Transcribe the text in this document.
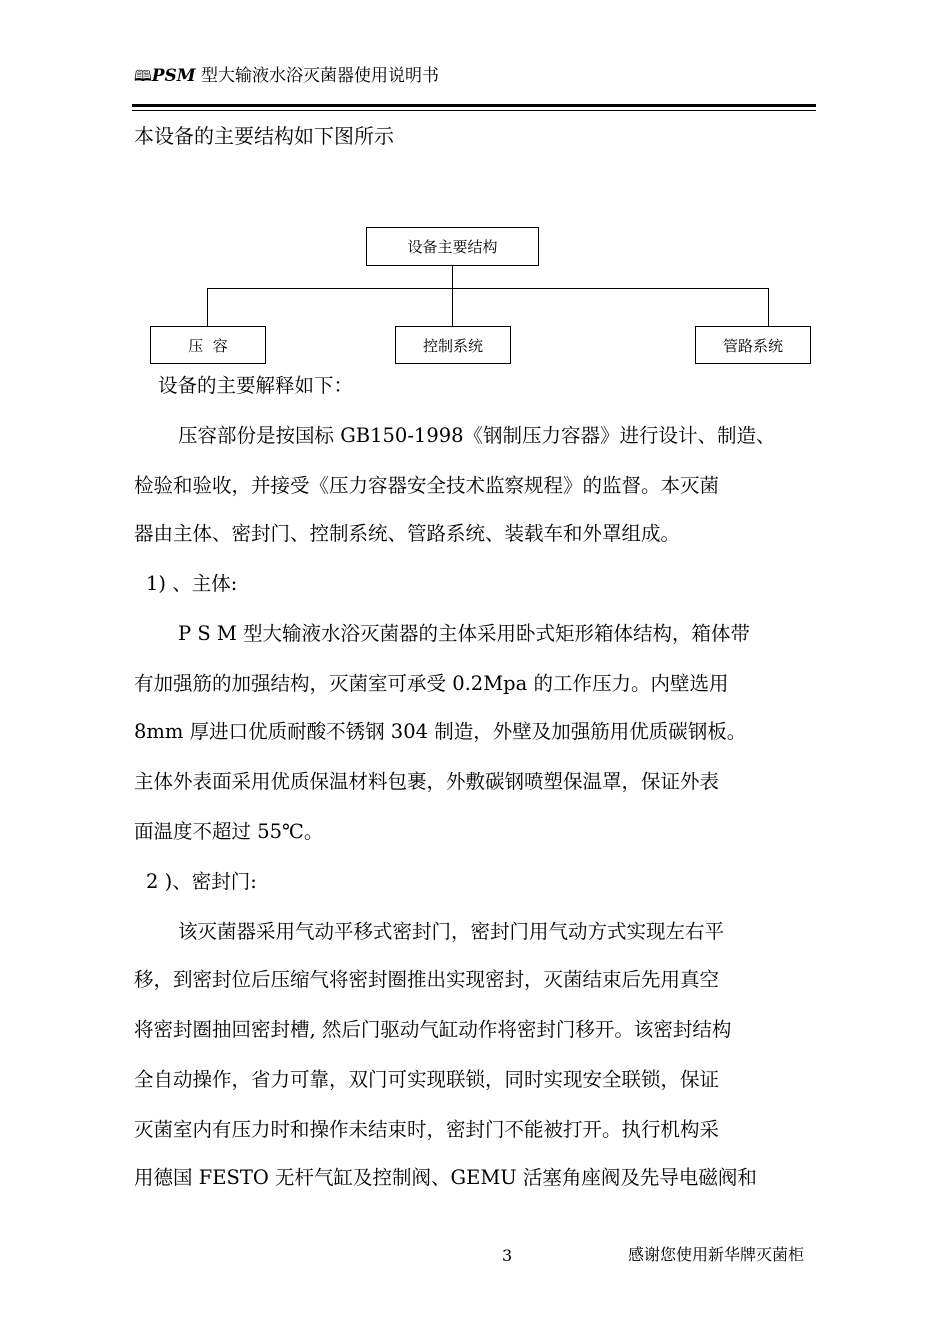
🕮PSM 型大输液水浴灭菌器使用说明书
本设备的主要结构如下图所示
设备主要结构
压  容	控制系统	管路系统
设备的主要解释如下：
压容部份是按国标 GB150-1998《钢制压力容器》进行设计、制造、
检验和验收，并接受《压力容器安全技术监察规程》的监督。本灭菌
器由主体、密封门、控制系统、管路系统、装载车和外罩组成。
1) 、主体:
P S M 型大输液水浴灭菌器的主体采用卧式矩形箱体结构，箱体带
有加强筋的加强结构，灭菌室可承受 0.2Mpa 的工作压力。内壁选用
8mm 厚进口优质耐酸不锈钢 304 制造，外壁及加强筋用优质碳钢板。
主体外表面采用优质保温材料包裹，外敷碳钢喷塑保温罩，保证外表
面温度不超过 55℃。
2 )、密封门:
该灭菌器采用气动平移式密封门，密封门用气动方式实现左右平
移，到密封位后压缩气将密封圈推出实现密封，灭菌结束后先用真空
将密封圈抽回密封槽, 然后门驱动气缸动作将密封门移开。该密封结构
全自动操作，省力可靠，双门可实现联锁，同时实现安全联锁，保证
灭菌室内有压力时和操作未结束时，密封门不能被打开。执行机构采
用德国 FESTO 无杆气缸及控制阀、GEMU 活塞角座阀及先导电磁阀和
3	感谢您使用新华牌灭菌柜
